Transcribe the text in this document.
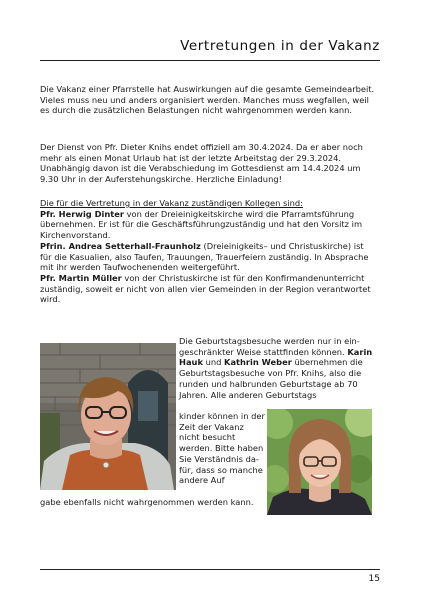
Vertretungen in der Vakanz
Die Vakanz einer Pfarrstelle hat Auswirkungen auf die gesamte Gemeindearbeit. Vieles muss neu und anders organisiert werden. Manches muss wegfallen, weil es durch die zusätzlichen Belastungen nicht wahrgenommen werden kann.
Der Dienst von Pfr. Dieter Knihs endet offiziell am 30.4.2024. Da er aber noch mehr als einen Monat Urlaub hat ist der letzte Arbeitstag der 29.3.2024. Unabhängig davon ist die Verabschiedung im Gottesdienst am 14.4.2024 um 9.30 Uhr in der Auferstehungskirche. Herzliche Einladung!

Die für die Vertretung in der Vakanz zuständigen Kollegen sind:

Pfr. Herwig Dinter von der Dreieinigkeitskirche wird die Pfarramtsführung übernehmen. Er ist für die Geschäftsführungzuständig und hat den Vorsitz im Kirchenvorstand.

Pfrin. Andrea Setterhall-Fraunholz (Dreieinigkeits– und Christuskirche) ist für die Kasualien, also Taufen, Trauungen, Trauerfeiern zuständig. In Absprache mit ihr werden Taufwochenenden weitergeführt.

Pfr. Martin Müller von der Christuskirche ist für den Konfirmandenunterricht zuständig, soweit er nicht von allen vier Gemeinden in der Region verantwortet wird.

Die Geburtstagsbesuche werden nur in eingeschränkter Weise stattfinden können. Karin Hauk und Kathrin Weber übernehmen die Geburtstagsbesuche von Pfr. Knihs, also die runden und halbrunden Geburtstage ab 70 Jahren. Alle anderen Geburtstags

kinder können in der Zeit der Vakanz nicht besucht werden. Bitte haben Sie Verständnis dafür, dass so manche andere Auf
gabe ebenfalls nicht wahrgenommen werden kann.
15
